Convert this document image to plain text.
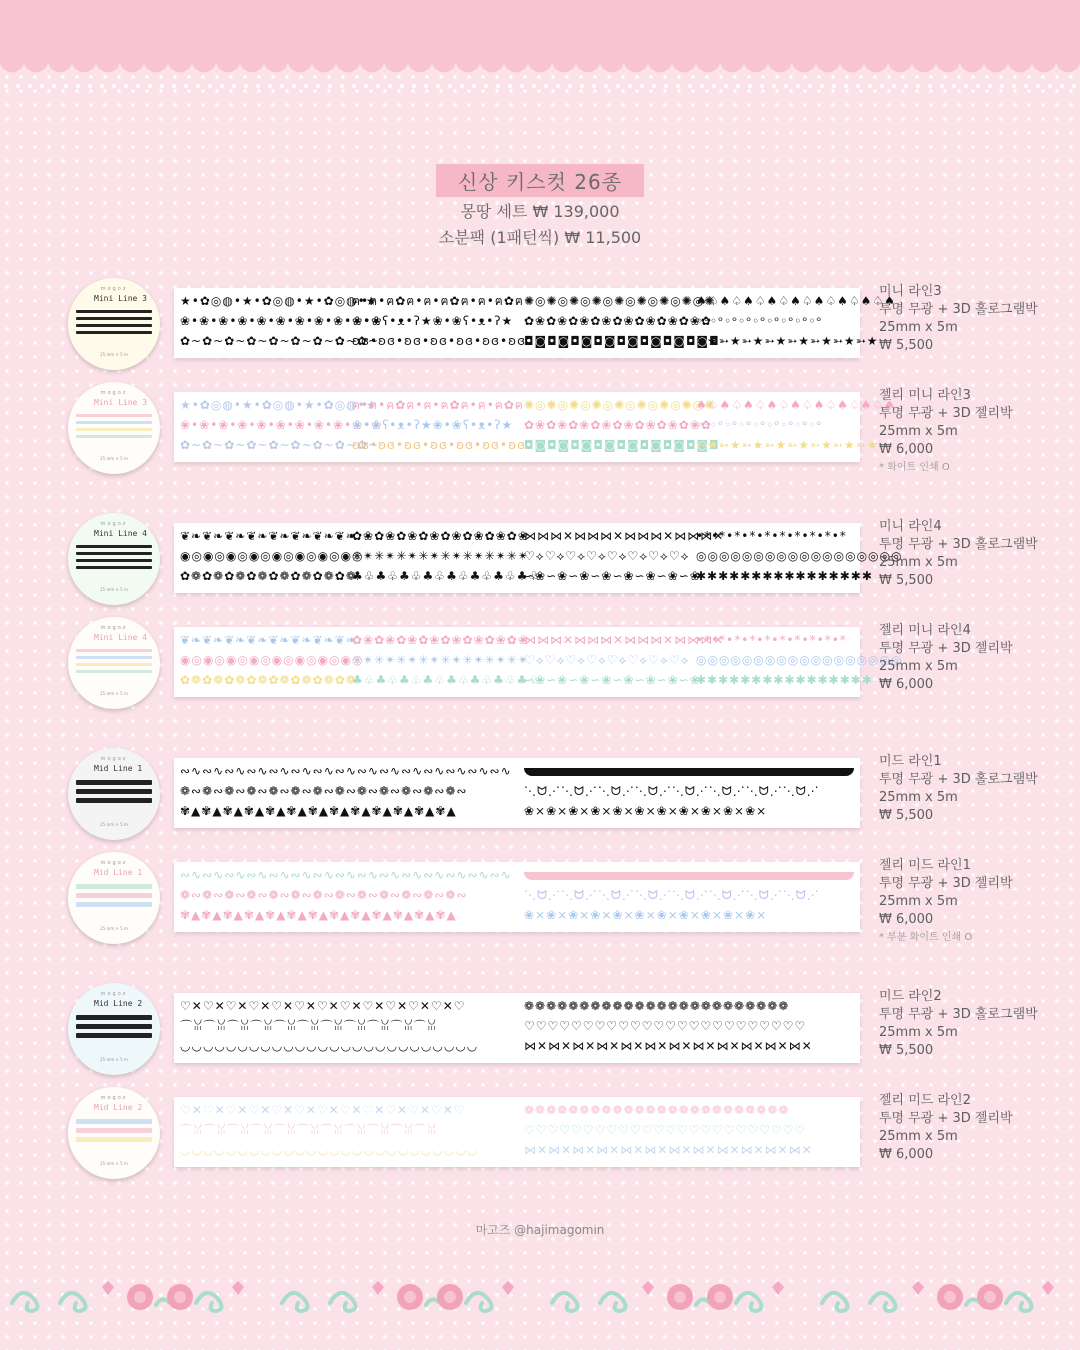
신상 키스컷 26종
몽땅 세트 ₩ 139,000
소분팩 (1패턴씩) ₩ 11,500
mogoz
Mini Line 3
25 mm × 5 m
★•✿◎◍•★•✿◎◍•★•✿◎◍•★
❀•❀•❀•❀•❀•❀•❀•❀•❀•❀•❀
✿~✿~✿~✿~✿~✿~✿~✿~✿~
ฅ•ฅ•ฅ✿ฅ•ฅ•ฅ✿ฅ•ฅ•ฅ✿ฅ
❀•❀ʕ•ᴥ•ʔ★❀•❀ʕ•ᴥ•ʔ★
ʚɞ•ʚɞ•ʚɞ•ʚɞ•ʚɞ•ʚɞ•ʚɞ
✺◎✺◎✺◎✺◎✺◎✺◎✺◎✺◎✺
✿❀✿❀✿❀✿❀✿❀✿❀✿❀✿❀✿
◘◙◘◙◘◙◘◙◘◙◘◙◘◙◘◙◘
♠♤♠♤♠♤♠♤♠♤♠♤♠♤♠♤♠
◦ᵒ◦ᵒ◦ᵒ◦ᵒ◦ᵒ◦ᵒ◦ᵒ◦ᵒ◦ᵒ
➳★➳★➳★➳★➳★➳★➳★➳★
미니 라인3
투명 무광 + 3D 홀로그램박
25mm x 5m
₩ 5,500
mogoz
Mini Line 3
25 mm × 5 m
★•✿◎◍•★•✿◎◍•★•✿◎◍•★
❀•❀•❀•❀•❀•❀•❀•❀•❀•❀•❀
✿~✿~✿~✿~✿~✿~✿~✿~✿~
ฅ•ฅ•ฅ✿ฅ•ฅ•ฅ✿ฅ•ฅ•ฅ✿ฅ
❀•❀ʕ•ᴥ•ʔ★❀•❀ʕ•ᴥ•ʔ★
ʚɞ•ʚɞ•ʚɞ•ʚɞ•ʚɞ•ʚɞ•ʚɞ
✺◎✺◎✺◎✺◎✺◎✺◎✺◎✺◎✺
✿❀✿❀✿❀✿❀✿❀✿❀✿❀✿❀✿
◘◙◘◙◘◙◘◙◘◙◘◙◘◙◘◙◘
♠♤♠♤♠♤♠♤♠♤♠♤♠♤♠♤♠
◦ᵒ◦ᵒ◦ᵒ◦ᵒ◦ᵒ◦ᵒ◦ᵒ◦ᵒ◦ᵒ
➳★➳★➳★➳★➳★➳★➳★➳★
젤리 미니 라인3
투명 무광 + 3D 젤리박
25mm x 5m
₩ 6,000
* 화이트 인쇄 O
mogoz
Mini Line 4
25 mm × 5 m
❦❧❦❧❦❧❦❧❦❧❦❧❦❧❦❧
◉◎◉◎◉◎◉◎◉◎◉◎◉◎◉◎
✿❁✿❁✿❁✿❁✿❁✿❁✿❁✿❁
✿❀✿❀✿❀✿❀✿❀✿❀✿❀✿❀
✳✴✳✴✳✴✳✴✳✴✳✴✳✴✳✴
♣♧♣♧♣♧♣♧♣♧♣♧♣♧♣♧
⋈⋈⋈✕⋈⋈⋈✕⋈⋈⋈✕⋈⋈⋈✕
♡⟡♡⟡♡⟡♡⟡♡⟡♡⟡♡⟡♡⟡
∽❀∽❀∽❀∽❀∽❀∽❀∽❀∽❀
•*•*•*•*•*•*•*•*•*•*
◎◎◎◎◎◎◎◎◎◎◎◎◎◎◎◎◎◎
✱✱✱✱✱✱✱✱✱✱✱✱✱✱✱✱
미니 라인4
투명 무광 + 3D 홀로그램박
25mm x 5m
₩ 5,500
mogoz
Mini Line 4
25 mm × 5 m
❦❧❦❧❦❧❦❧❦❧❦❧❦❧❦❧
◉◎◉◎◉◎◉◎◉◎◉◎◉◎◉◎
✿❁✿❁✿❁✿❁✿❁✿❁✿❁✿❁
✿❀✿❀✿❀✿❀✿❀✿❀✿❀✿❀
✳✴✳✴✳✴✳✴✳✴✳✴✳✴✳✴
♣♧♣♧♣♧♣♧♣♧♣♧♣♧♣♧
⋈⋈⋈✕⋈⋈⋈✕⋈⋈⋈✕⋈⋈⋈✕
♡⟡♡⟡♡⟡♡⟡♡⟡♡⟡♡⟡♡⟡
∽❀∽❀∽❀∽❀∽❀∽❀∽❀∽❀
•*•*•*•*•*•*•*•*•*•*
◎◎◎◎◎◎◎◎◎◎◎◎◎◎◎◎◎◎
✱✱✱✱✱✱✱✱✱✱✱✱✱✱✱✱
젤리 미니 라인4
투명 무광 + 3D 젤리박
25mm x 5m
₩ 6,000
mogoz
Mid Line 1
25 mm × 5 m
∾∿∾∿∾∿∾∿∾∿∾∿∾∿∾∿∾∿∾∿∾∿∾∿∾∿∾∿∾∿
❁∾❁∾❁∾❁∾❁∾❁∾❁∾❁∾❁∾❁∾❁∾❁∾❁∾
✾▲✾▲✾▲✾▲✾▲✾▲✾▲✾▲✾▲✾▲✾▲✾▲✾▲
⋱ᗢ⋰⋱ᗢ⋰⋱ᗢ⋰⋱ᗢ⋰⋱ᗢ⋰⋱ᗢ⋰⋱ᗢ⋰⋱ᗢ⋰
❀⨯❀⨯❀⨯❀⨯❀⨯❀⨯❀⨯❀⨯❀⨯❀⨯❀⨯
미드 라인1
투명 무광 + 3D 홀로그램박
25mm x 5m
₩ 5,500
mogoz
Mid Line 1
25 mm × 5 m
∾∿∾∿∾∿∾∿∾∿∾∿∾∿∾∿∾∿∾∿∾∿∾∿∾∿∾∿∾∿
❁∾❁∾❁∾❁∾❁∾❁∾❁∾❁∾❁∾❁∾❁∾❁∾❁∾
✾▲✾▲✾▲✾▲✾▲✾▲✾▲✾▲✾▲✾▲✾▲✾▲✾▲
⋱ᗢ⋰⋱ᗢ⋰⋱ᗢ⋰⋱ᗢ⋰⋱ᗢ⋰⋱ᗢ⋰⋱ᗢ⋰⋱ᗢ⋰
❀⨯❀⨯❀⨯❀⨯❀⨯❀⨯❀⨯❀⨯❀⨯❀⨯❀⨯
젤리 미드 라인1
투명 무광 + 3D 젤리박
25mm x 5m
₩ 6,000
* 부분 화이트 인쇄 O
mogoz
Mid Line 2
25 mm × 5 m
♡✕♡✕♡✕♡✕♡✕♡✕♡✕♡✕♡✕♡✕♡✕♡✕♡
⌒ꈍ⌒ꈍ⌒ꈍ⌒ꈍ⌒ꈍ⌒ꈍ⌒ꈍ⌒ꈍ⌒ꈍ⌒ꈍ⌒ꈍ
◡◡◡◡◡◡◡◡◡◡◡◡◡◡◡◡◡◡◡◡◡◡◡◡◡◡
❁❁❁❁❁❁❁❁❁❁❁❁❁❁❁❁❁❁❁❁❁❁❁❁
♡♡♡♡♡♡♡♡♡♡♡♡♡♡♡♡♡♡♡♡♡♡♡♡
⋈✕⋈✕⋈✕⋈✕⋈✕⋈✕⋈✕⋈✕⋈✕⋈✕⋈✕⋈✕
미드 라인2
투명 무광 + 3D 홀로그램박
25mm x 5m
₩ 5,500
mogoz
Mid Line 2
25 mm × 5 m
♡✕♡✕♡✕♡✕♡✕♡✕♡✕♡✕♡✕♡✕♡✕♡✕♡
⌒ꈍ⌒ꈍ⌒ꈍ⌒ꈍ⌒ꈍ⌒ꈍ⌒ꈍ⌒ꈍ⌒ꈍ⌒ꈍ⌒ꈍ
◡◡◡◡◡◡◡◡◡◡◡◡◡◡◡◡◡◡◡◡◡◡◡◡◡◡
❁❁❁❁❁❁❁❁❁❁❁❁❁❁❁❁❁❁❁❁❁❁❁❁
♡♡♡♡♡♡♡♡♡♡♡♡♡♡♡♡♡♡♡♡♡♡♡♡
⋈✕⋈✕⋈✕⋈✕⋈✕⋈✕⋈✕⋈✕⋈✕⋈✕⋈✕⋈✕
젤리 미드 라인2
투명 무광 + 3D 젤리박
25mm x 5m
₩ 6,000
마고즈 @hajimagomin
